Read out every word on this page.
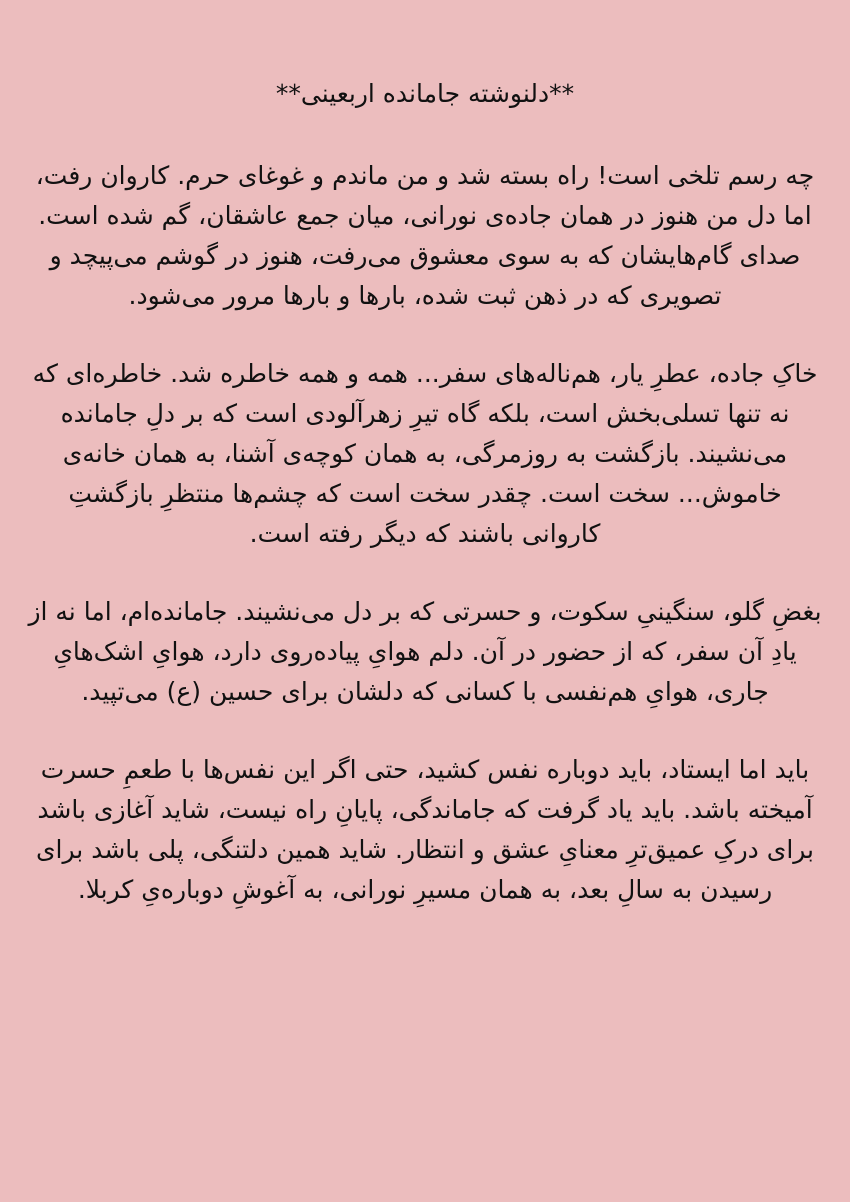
**دلنوشته جامانده اربعینی**

چه رسم تلخی است! راه بسته شد و من ماندم و غوغای حرم. کاروان رفت، اما دل من هنوز در همان جاده‌ی نورانی، میان جمع عاشقان، گم شده است. صدای گام‌هایشان که به سوی معشوق می‌رفت، هنوز در گوشم می‌پیچد و تصویری که در ذهن ثبت شده، بارها و بارها مرور می‌شود.

خاکِ جاده، عطرِ یار، هم‌ناله‌های سفر... همه و همه خاطره شد. خاطره‌ای که نه تنها تسلی‌بخش است، بلکه گاه تیرِ زهرآلودی است که بر دلِ جامانده می‌نشیند. بازگشت به روزمرگی، به همان کوچه‌ی آشنا، به همان خانه‌ی خاموش... سخت است. چقدر سخت است که چشم‌ها منتظرِ بازگشتِ کاروانی باشند که دیگر رفته است.

بغضِ گلو، سنگینیِ سکوت، و حسرتی که بر دل می‌نشیند. جامانده‌ام، اما نه از یادِ آن سفر، که از حضور در آن. دلم هوایِ پیاده‌روی دارد، هوایِ اشک‌هایِ جاری، هوایِ هم‌نفسی با کسانی که دلشان برای حسین (ع) می‌تپید.

باید اما ایستاد، باید دوباره نفس کشید، حتی اگر این نفس‌ها با طعمِ حسرت آمیخته باشد. باید یاد گرفت که جاماندگی، پایانِ راه نیست، شاید آغازی باشد برای درکِ عمیق‌ترِ معنایِ عشق و انتظار. شاید همین دلتنگی، پلی باشد برای رسیدن به سالِ بعد، به همان مسیرِ نورانی، به آغوشِ دوباره‌یِ کربلا.
